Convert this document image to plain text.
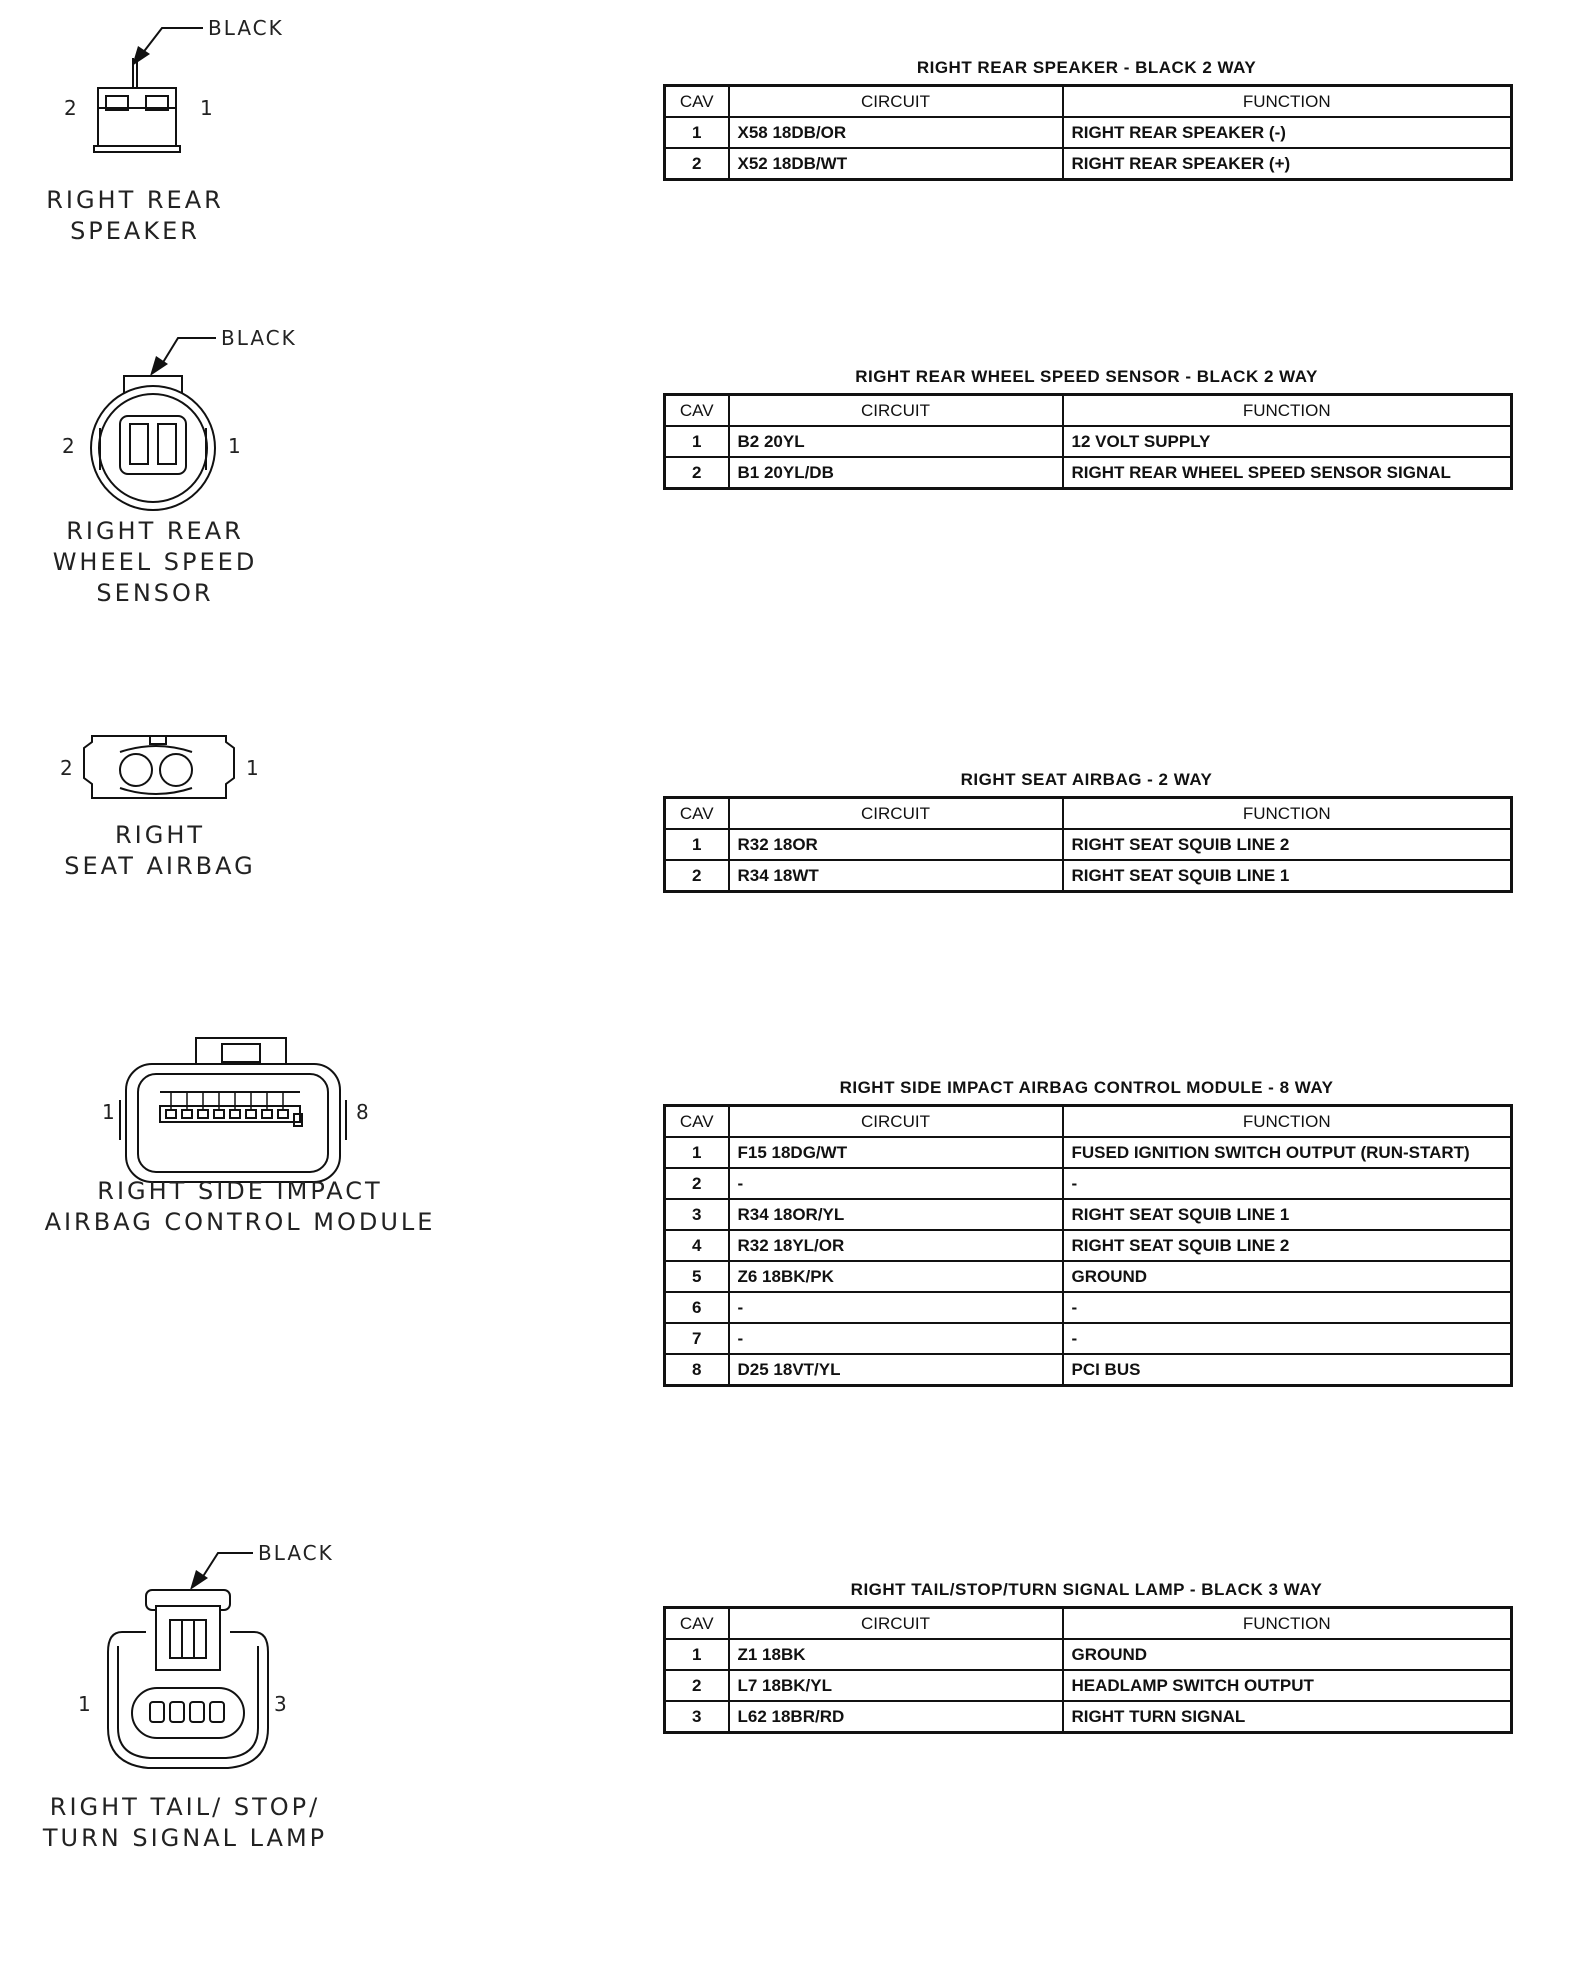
BLACK
2	1
RIGHT REAR
SPEAKER
RIGHT REAR SPEAKER - BLACK 2 WAY
CAV	CIRCUIT	FUNCTION
1	X58 18DB/OR	RIGHT REAR SPEAKER (-)
2	X52 18DB/WT	RIGHT REAR SPEAKER (+)
BLACK
2	1
RIGHT REAR
WHEEL SPEED
SENSOR
RIGHT REAR WHEEL SPEED SENSOR - BLACK 2 WAY
CAV	CIRCUIT	FUNCTION
1	B2 20YL	12 VOLT SUPPLY
2	B1 20YL/DB	RIGHT REAR WHEEL SPEED SENSOR SIGNAL
2	1
RIGHT
SEAT AIRBAG
RIGHT SEAT AIRBAG - 2 WAY
CAV	CIRCUIT	FUNCTION
1	R32 18OR	RIGHT SEAT SQUIB LINE 2
2	R34 18WT	RIGHT SEAT SQUIB LINE 1
1	8
RIGHT SIDE IMPACT
AIRBAG CONTROL MODULE
RIGHT SIDE IMPACT AIRBAG CONTROL MODULE - 8 WAY
CAV	CIRCUIT	FUNCTION
1	F15 18DG/WT	FUSED IGNITION SWITCH OUTPUT (RUN-START)
2	-	-
3	R34 18OR/YL	RIGHT SEAT SQUIB LINE 1
4	R32 18YL/OR	RIGHT SEAT SQUIB LINE 2
5	Z6 18BK/PK	GROUND
6	-	-
7	-	-
8	D25 18VT/YL	PCI BUS
BLACK
1	3
RIGHT TAIL/ STOP/
TURN SIGNAL LAMP
RIGHT TAIL/STOP/TURN SIGNAL LAMP - BLACK 3 WAY
CAV	CIRCUIT	FUNCTION
1	Z1 18BK	GROUND
2	L7 18BK/YL	HEADLAMP SWITCH OUTPUT
3	L62 18BR/RD	RIGHT TURN SIGNAL
